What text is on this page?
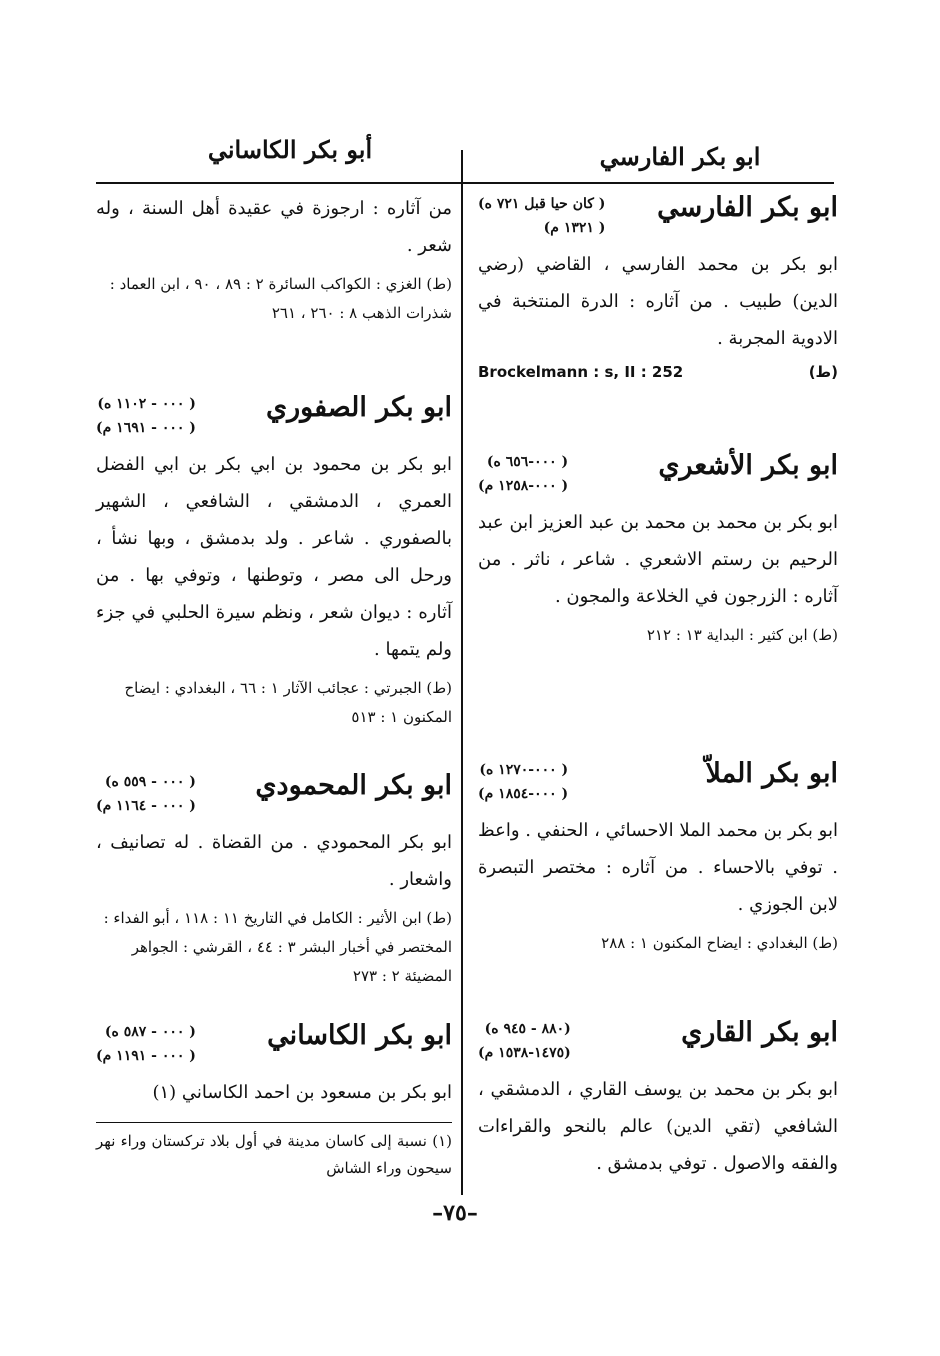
ابو بكر الفارسي
أبو بكر الكاساني
ابو بكر الفارسي
( كان حيا قبل ٧٢١ ه)
( ١٣٢١ م)

ابو بكر بن محمد الفارسي ، القاضي (رضي الدين) طبيب . من آثاره : الدرة المنتخبة في الادوية المجربة .

Brockelmann : s, II : 252	(ط)
ابو بكر الأشعري
( ٠٠٠-٦٥٦ ه)
( ٠٠٠-١٢٥٨ م)

ابو بكر بن محمد بن محمد بن عبد العزيز ابن عبد الرحيم بن رستم الاشعري . شاعر ، ناثر . من آثاره : الزرجون في الخلاعة والمجون .

(ط) ابن كثير : البداية ١٣ : ٢١٢
ابو بكر الملاّ
( ٠٠٠-١٢٧٠ ه)
( ٠٠٠-١٨٥٤ م)

ابو بكر بن محمد الملا الاحسائي ، الحنفي . واعظ . توفي بالاحساء . من آثاره : مختصر التبصرة لابن الجوزي .

(ط) البغدادي : ايضاح المكنون ١ : ٢٨٨
ابو بكر القاري
(٨٨٠ - ٩٤٥ ه)
(١٤٧٥-١٥٣٨ م)

ابو بكر بن محمد بن يوسف القاري ، الدمشقي ، الشافعي (تقي الدين) عالم بالنحو والقراءات والفقه والاصول . توفي بدمشق .

من آثاره : ارجوزة في عقيدة أهل السنة ، وله شعر .

(ط) الغزي : الكواكب السائرة ٢ : ٨٩ ، ٩٠ ، ابن العماد : شذرات الذهب ٨ : ٢٦٠ ، ٢٦١
ابو بكر الصفوري
( ٠٠٠ - ١١٠٢ ه)
( ٠٠٠ - ١٦٩١ م)

ابو بكر بن محمود بن ابي بكر بن ابي الفضل العمري ، الدمشقي ، الشافعي ، الشهير بالصفوري . شاعر . ولد بدمشق ، وبها نشأ ، ورحل الى مصر ، وتوطنها ، وتوفي بها . من آثاره : ديوان شعر ، ونظم سيرة الحلبي في جزء ولم يتمها .

(ط) الجبرتي : عجائب الآثار ١ : ٦٦ ، البغدادي : ايضاح المكنون ١ : ٥١٣
ابو بكر المحمودي
( ٠٠٠ - ٥٥٩ ه)
( ٠٠٠ - ١١٦٤ م)

ابو بكر المحمودي . من القضاة . له تصانيف ، واشعار .

(ط) ابن الأثير : الكامل في التاريخ ١١ : ١١٨ ، أبو الفداء : المختصر في أخبار البشر ٣ : ٤٤ ، القرشي : الجواهر المضيئة ٢ : ٢٧٣
ابو بكر الكاساني
( ٠٠٠ - ٥٨٧ ه)
( ٠٠٠ - ١١٩١ م)

ابو بكر بن مسعود بن احمد الكاساني (١)

(١) نسبة إلى كاسان مدينة في أول بلاد تركستان وراء نهر سيحون وراء الشاش
–٧٥–
